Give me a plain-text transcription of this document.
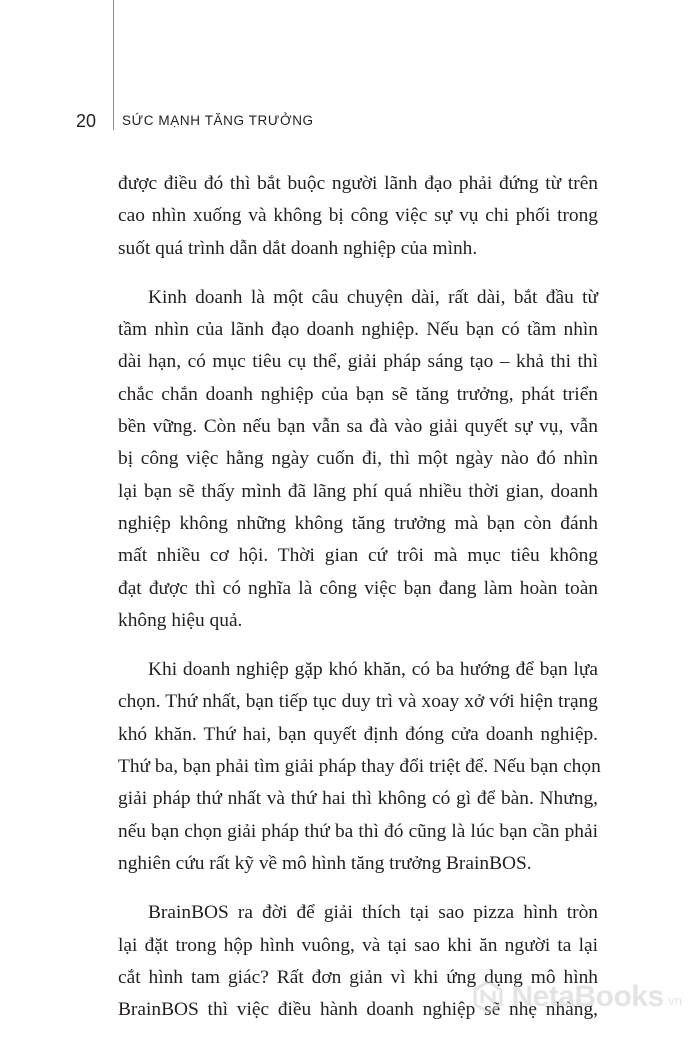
20 SỨC MẠNH TĂNG TRƯỞNG

được điều đó thì bắt buộc người lãnh đạo phải đứng từ trên
cao nhìn xuống và không bị công việc sự vụ chi phối trong
suốt quá trình dẫn dắt doanh nghiệp của mình.

Kinh doanh là một câu chuyện dài, rất dài, bắt đầu từ
tầm nhìn của lãnh đạo doanh nghiệp. Nếu bạn có tầm nhìn
dài hạn, có mục tiêu cụ thể, giải pháp sáng tạo – khả thi thì
chắc chắn doanh nghiệp của bạn sẽ tăng trưởng, phát triển
bền vững. Còn nếu bạn vẫn sa đà vào giải quyết sự vụ, vẫn
bị công việc hằng ngày cuốn đi, thì một ngày nào đó nhìn
lại bạn sẽ thấy mình đã lãng phí quá nhiều thời gian, doanh
nghiệp không những không tăng trưởng mà bạn còn đánh
mất nhiều cơ hội. Thời gian cứ trôi mà mục tiêu không
đạt được thì có nghĩa là công việc bạn đang làm hoàn toàn
không hiệu quả.

Khi doanh nghiệp gặp khó khăn, có ba hướng để bạn lựa
chọn. Thứ nhất, bạn tiếp tục duy trì và xoay xở với hiện trạng
khó khăn. Thứ hai, bạn quyết định đóng cửa doanh nghiệp.
Thứ ba, bạn phải tìm giải pháp thay đổi triệt để. Nếu bạn chọn
giải pháp thứ nhất và thứ hai thì không có gì để bàn. Nhưng,
nếu bạn chọn giải pháp thứ ba thì đó cũng là lúc bạn cần phải
nghiên cứu rất kỹ về mô hình tăng trưởng BrainBOS.

BrainBOS ra đời để giải thích tại sao pizza hình tròn
lại đặt trong hộp hình vuông, và tại sao khi ăn người ta lại
cắt hình tam giác? Rất đơn giản vì khi ứng dụng mô hình
BrainBOS thì việc điều hành doanh nghiệp sẽ nhẹ nhàng,

NetaBooks .vn
